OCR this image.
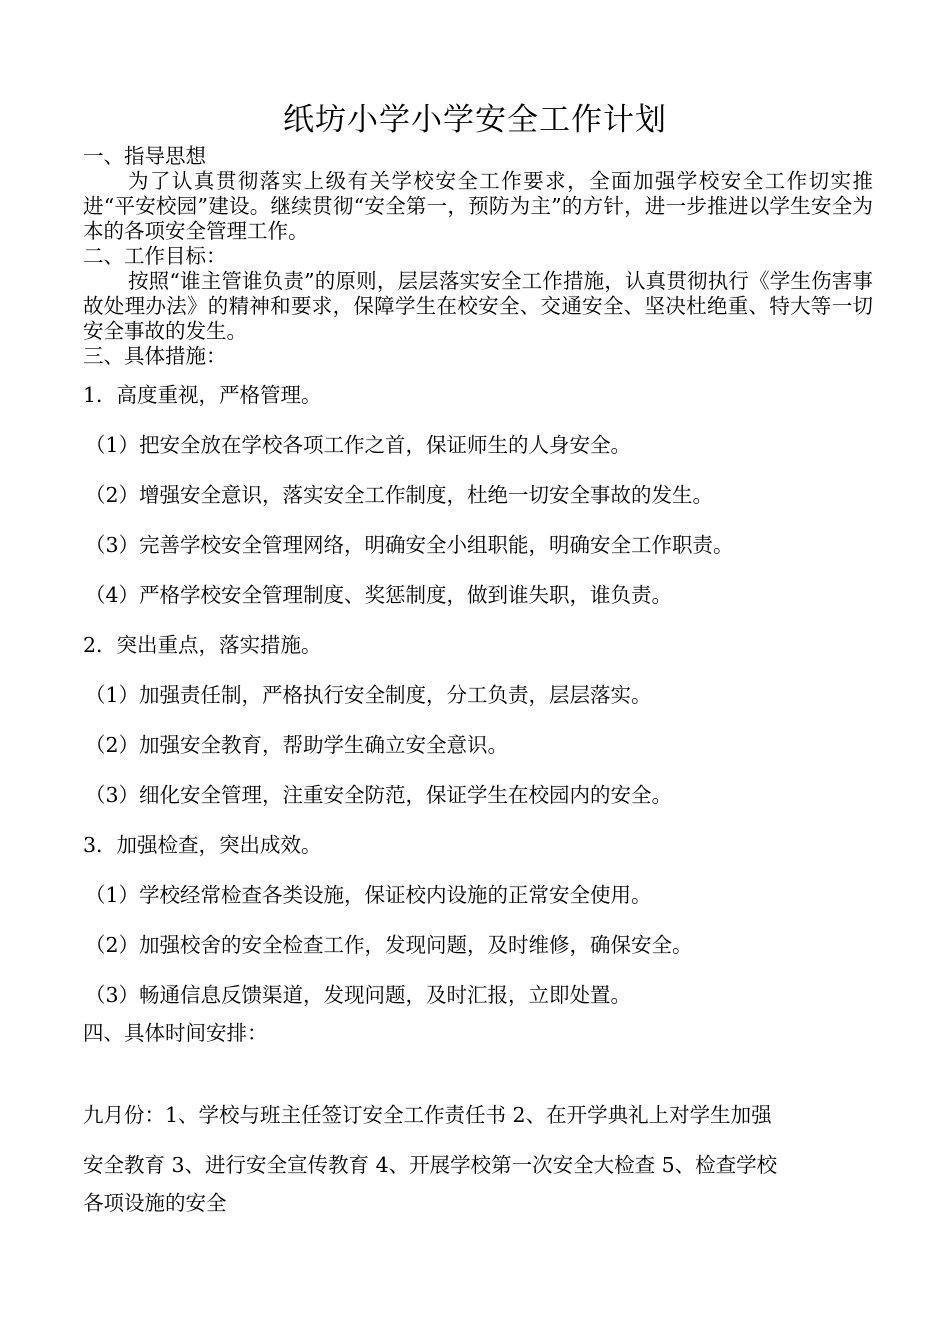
纸坊小学小学安全工作计划

一、指导思想

为了认真贯彻落实上级有关学校安全工作要求，全面加强学校安全工作切实推进“平安校园”建设。继续贯彻“安全第一，预防为主”的方针，进一步推进以学生安全为本的各项安全管理工作。

二、工作目标：

按照“谁主管谁负责”的原则，层层落实安全工作措施，认真贯彻执行《学生伤害事故处理办法》的精神和要求，保障学生在校安全、交通安全、坚决杜绝重、特大等一切安全事故的发生。

三、具体措施：

1．高度重视，严格管理。
（1）把安全放在学校各项工作之首，保证师生的人身安全。
（2）增强安全意识，落实安全工作制度，杜绝一切安全事故的发生。
（3）完善学校安全管理网络，明确安全小组职能，明确安全工作职责。
（4）严格学校安全管理制度、奖惩制度，做到谁失职，谁负责。
2．突出重点，落实措施。
（1）加强责任制，严格执行安全制度，分工负责，层层落实。
（2）加强安全教育，帮助学生确立安全意识。
（3）细化安全管理，注重安全防范，保证学生在校园内的安全。
3．加强检查，突出成效。
（1）学校经常检查各类设施，保证校内设施的正常安全使用。
（2）加强校舍的安全检查工作，发现问题，及时维修，确保安全。
（3）畅通信息反馈渠道，发现问题，及时汇报，立即处置。
四、具体时间安排：
九月份：1、学校与班主任签订安全工作责任书 2、在开学典礼上对学生加强
安全教育 3、进行安全宣传教育 4、开展学校第一次安全大检查 5、检查学校
各项设施的安全
